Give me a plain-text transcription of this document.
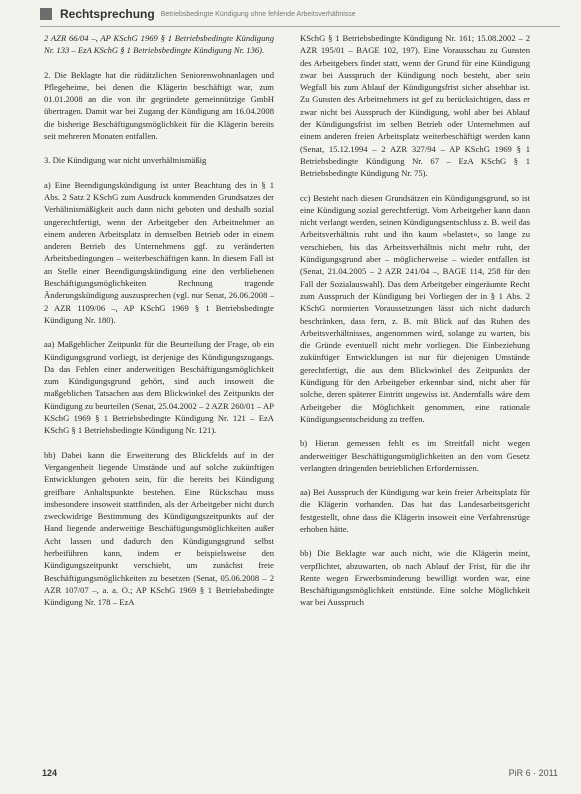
Rechtsprechung Betriebsbedingte Kündigung ohne fehlende Arbeitsverhältnisse

2 AZR 66/04 –, AP KSchG 1969 § 1 Betriebsbedingte Kündigung Nr. 133 – EzA KSchG § 1 Betriebsbedingte Kündigung Nr. 136).

2. Die Beklagte hat die rüdätzlichen Seniorenwohnanlagen und Pflegeheime, bei denen die Klägerin beschäftigt war, zum 01.01.2008 an die von ihr gegründete gemeinnützige GmbH übertragen. Damit war bei Zugang der Kündigung am 16.04.2008 die bisherige Beschäftigungsmöglichkeit für die Klägerin bereits seit mehreren Monaten entfallen.

3. Die Kündigung war nicht unverhältnismäßig

a) Eine Beendigungskündigung ist unter Beachtung des in § 1 Abs. 2 Satz 2 KSchG zum Ausdruck kommenden Grundsatzes der Verhältnismäßigkeit auch dann nicht geboten und deshalb sozial ungerechtfertigt, wenn der Arbeitgeber den Arbeitnehmer an einem anderen Arbeitsplatz in demselben Betrieb oder in einem anderen Betrieb des Unternehmens ggf. zu veränderten Arbeitsbedingungen – weiterbeschäftigen kann. In diesem Fall ist an Stelle einer Beendigungskündigung eine den verbliebenen Beschäftigungsmöglichkeiten Rechnung tragende Änderungskündigung auszusprechen (vgl. nur Senat, 26.06.2008 – 2 AZR 1109/06 –, AP KSchG 1969 § 1 Betriebsbedingte Kündigung Nr. 180).

aa) Maßgeblicher Zeitpunkt für die Beurteilung der Frage, ob ein Kündigungsgrund vorliegt, ist derjenige des Kündigungszugangs. Da das Fehlen einer anderweitigen Beschäftigungsmöglichkeit zum Kündigungsgrund gehört, sind auch insoweit die maßgeblichen Tatsachen aus dem Blickwinkel des Zeitpunkts der Kündigung zu beurteilen (Senat, 25.04.2002 – 2 AZR 260/01 – AP KSchG 1969 § 1 Betriebsbedingte Kündigung Nr. 121 – EzA KSchG § 1 Betriebsbedingte Kündigung Nr. 121).

bb) Dabei kann die Erweiterung des Blickfelds auf in der Vergangenheit liegende Umstände und auf solche zukünftigen Entwicklungen geboten sein, für die bereits bei Kündigung greifbare Anhaltspunkte bestehen. Eine Rückschau muss insbesondere insoweit stattfinden, als der Arbeitgeber nicht durch zweckwidrige Bestimmung des Kündigungszeitpunkts auf der Hand liegende anderweitige Beschäftigungsmöglichkeiten außer Acht lassen und dadurch den Kündigungsgrund selbst herbeiführen kann, indem er beispielsweise den Kündigungszeitpunkt verschiebt, um zunächst freie Beschäftigungsmöglichkeiten zu besetzen (Senat, 05.06.2008 – 2 AZR 107/07 –, a. a. O.; AP KSchG 1969 § 1 Betriebsbedingte Kündigung Nr. 178 – EzA

KSchG § 1 Betriebsbedingte Kündigung Nr. 161; 15.08.2002 – 2 AZR 195/01 – BAGE 102, 197). Eine Vorausschau zu Gunsten des Arbeitgebers findet statt, wenn der Grund für eine Kündigung zwar bei Ausspruch der Kündigung noch besteht, aber sein Wegfall bis zum Ablauf der Kündigungsfrist sicher absehbar ist. Zu Gunsten des Arbeitnehmers ist gef zu berücksichtigen, dass er zwar nicht bei Ausspruch der Kündigung, wohl aber bei Ablauf der Kündigungsfrist im selben Betrieb oder Unternehmen auf einem anderen freien Arbeitsplatz weiterbeschäftigt werden kann (Senat, 15.12.1994 – 2 AZR 327/94 – AP KSchG 1969 § 1 Betriebsbedingte Kündigung Nr. 67 – EzA KSchG § 1 Betriebsbedingte Kündigung Nr. 75).

cc) Besteht nach diesen Grundsätzen ein Kündigungsgrund, so ist eine Kündigung sozial gerechtfertigt. Vom Arbeitgeber kann dann nicht verlangt werden, seinen Kündigungsentschluss z. B. weil das Arbeitsverhältnis ruht und ihn kaum »belastet«, so lange zu verschieben, bis das Arbeitsverhältnis nicht mehr ruht, der Kündigungsgrund aber – möglicherweise – wieder entfallen ist (Senat, 21.04.2005 – 2 AZR 241/04 –, BAGE 114, 258 für den Fall der Sozialauswahl). Das dem Arbeitgeber eingeräumte Recht zum Ausspruch der Kündigung bei Vorliegen der in § 1 Abs. 2 KSchG normierten Voraussetzungen lässt sich nicht dadurch beschränken, dass fern, z. B. mit Blick auf das Ruhen des Arbeitsverhältnisses, angenommen wird, solange zu warten, bis die Gründe eventuell nicht mehr vorliegen. Die Einbeziehung zukünftiger Entwicklungen ist nur für diejenigen Umstände gerechtfertigt, die aus dem Blickwinkel des Zeitpunkts der Kündigung für den Arbeitgeber erkennbar sind, nicht aber für solche, deren späterer Eintritt ungewiss ist. Andernfalls wäre dem Arbeitgeber die Möglichkeit genommen, eine rationale Kündigungsentscheidung zu treffen.

b) Hieran gemessen fehlt es im Streitfall nicht wegen anderweitiger Beschäftigungsmöglichkeiten an den vom Gesetz verlangten dringenden betrieblichen Erfordernissen.

aa) Bei Ausspruch der Kündigung war kein freier Arbeitsplatz für die Klägerin vorhanden. Das hat das Landesarbeitsgericht festgestellt, ohne dass die Klägerin insoweit eine Verfahrensrüge erhoben hätte.

bb) Die Beklagte war auch nicht, wie die Klägerin meint, verpflichtet, abzuwarten, ob nach Ablauf der Frist, für die ihr Rente wegen Erwerbsminderung bewilligt worden war, eine Beschäftigungsmöglichkeit entstünde. Eine solche Möglichkeit war bei Ausspruch

124	PiR 6 · 2011
